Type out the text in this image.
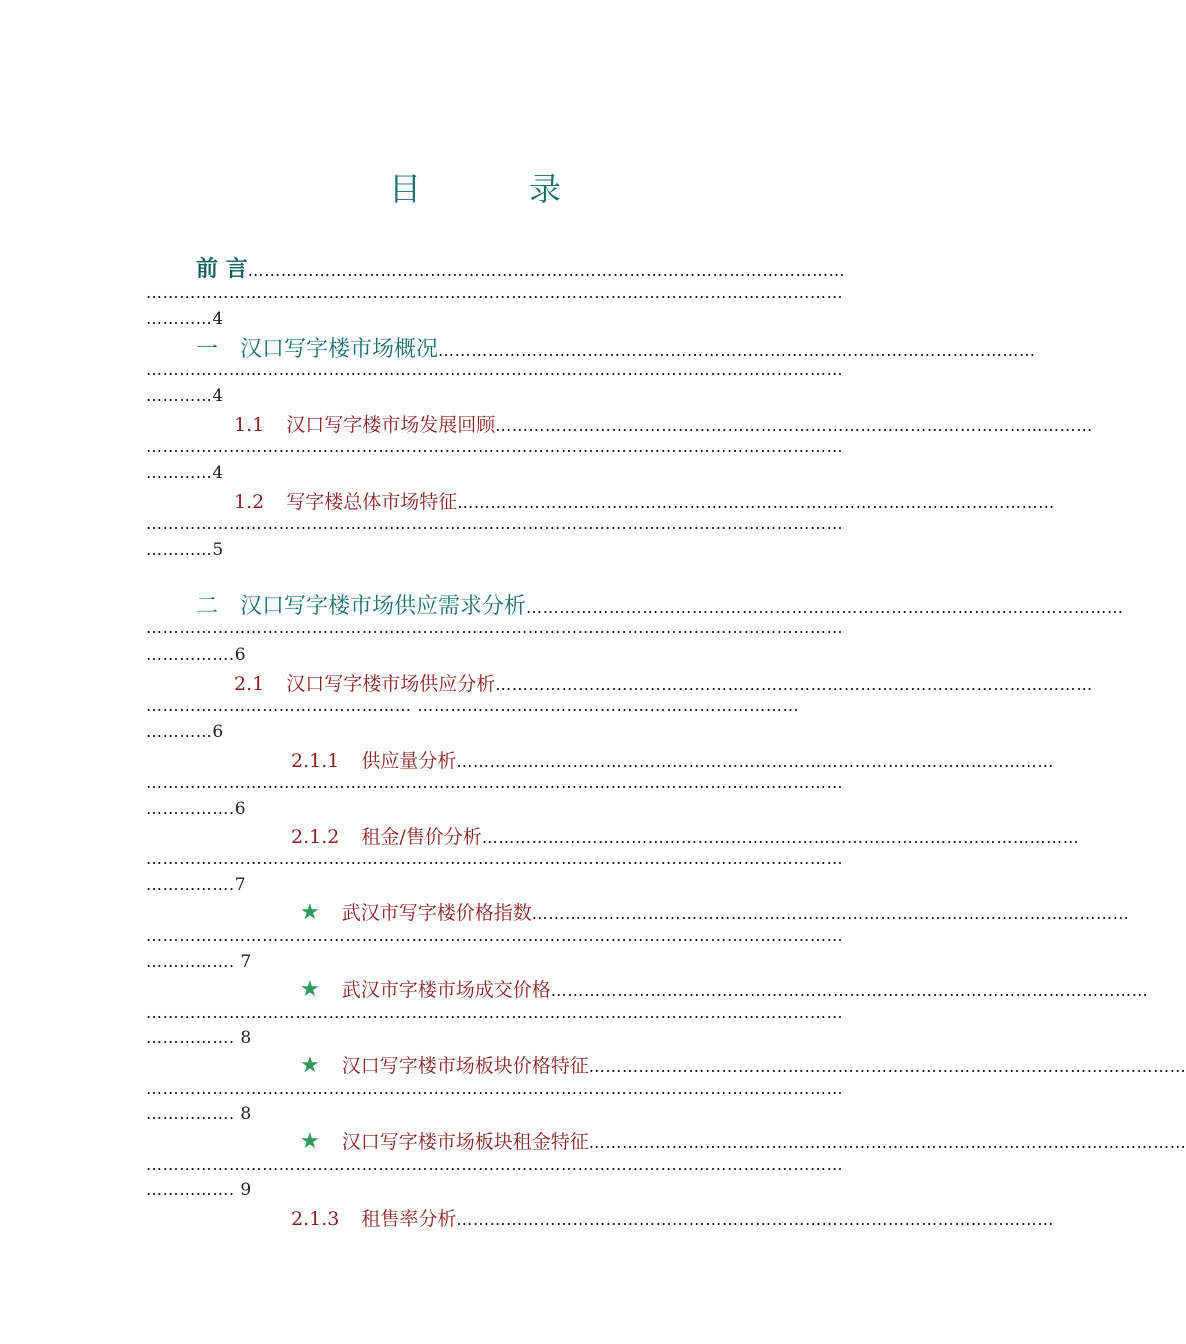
目	录
前 言 ………………………………………………………………………………………………
………………………………………………………………………………………………………………
…………4
一 汉口写字楼市场概况 ………………………………………………………………………………………………
………………………………………………………………………………………………………………
…………4
1.1 汉口写字楼市场发展回顾 ………………………………………………………………………………………………
………………………………………………………………………………………………………………
…………4
1.2 写字楼总体市场特征 ………………………………………………………………………………………………
………………………………………………………………………………………………………………
…………5
二 汉口写字楼市场供应需求分析 ………………………………………………………………………………………………
………………………………………………………………………………………………………………
…………….6
2.1 汉口写字楼市场供应分析 ………………………………………………………………………………………………
………………………………………… ……………………………………………………………
…………6
2.1.1 供应量分析 ………………………………………………………………………………………………
………………………………………………………………………………………………………………
…………….6
2.1.2 租金/售价分析 ………………………………………………………………………………………………
………………………………………………………………………………………………………………
…………….7
★ 武汉市写字楼价格指数 ………………………………………………………………………………………………
………………………………………………………………………………………………………………
……………. 7
★ 武汉市字楼市场成交价格 ………………………………………………………………………………………………
………………………………………………………………………………………………………………
……………. 8
★ 汉口写字楼市场板块价格特征 ………………………………………………………………………………………………
………………………………………………………………………………………………………………
……………. 8
★ 汉口写字楼市场板块租金特征 ………………………………………………………………………………………………
………………………………………………………………………………………………………………
……………. 9
2.1.3 租售率分析 ………………………………………………………………………………………………
